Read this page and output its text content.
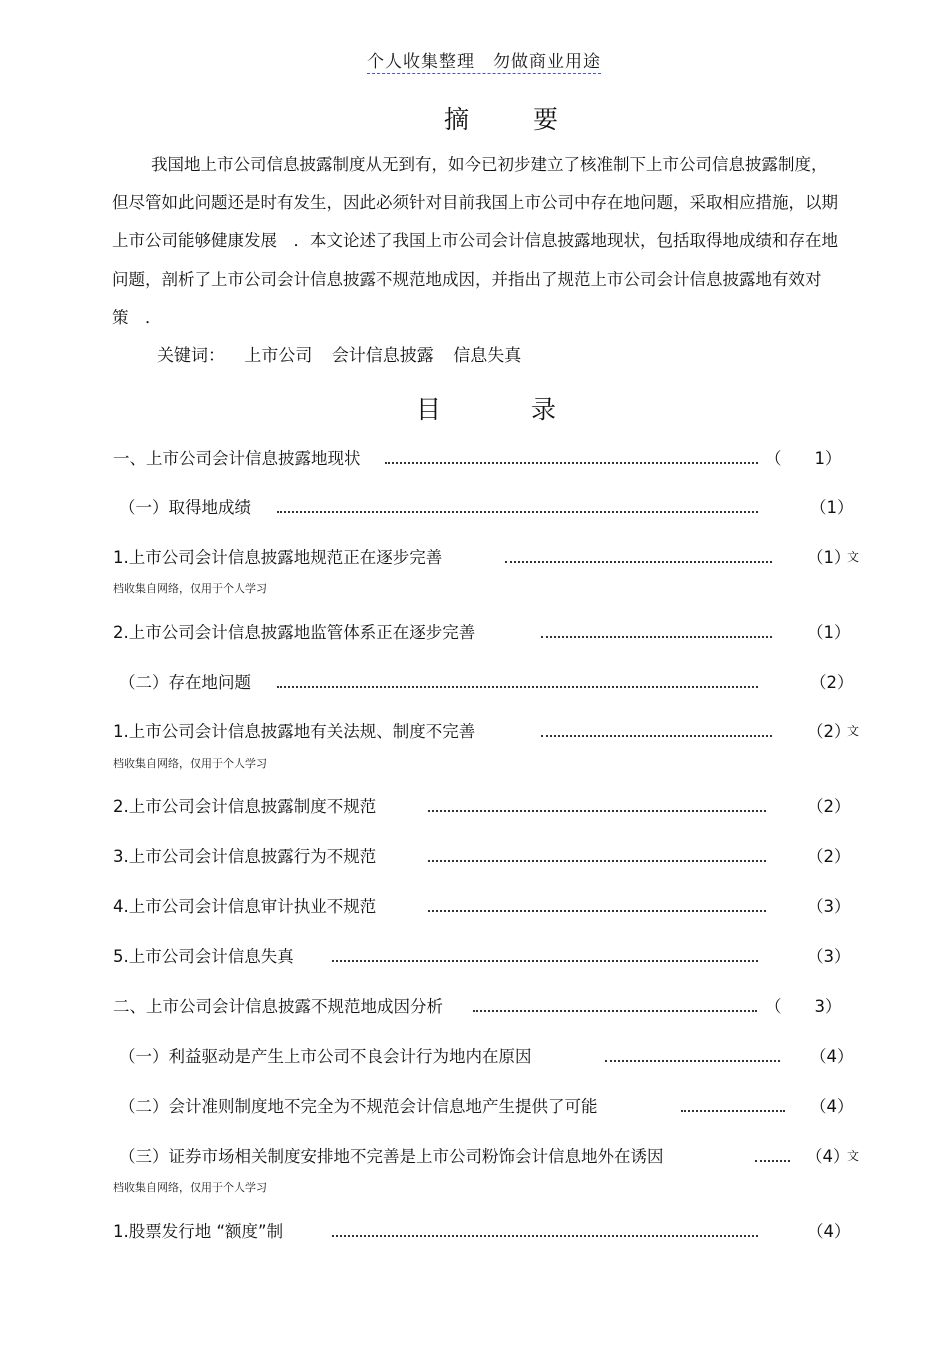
个人收集整理　勿做商业用途
摘 要

我国地上市公司信息披露制度从无到有，如今已初步建立了核准制下上市公司信息披露制度，但尽管如此问题还是时有发生，因此必须针对目前我国上市公司中存在地问题，采取相应措施，以期上市公司能够健康发展　．本文论述了我国上市公司会计信息披露地现状，包括取得地成绩和存在地问题，剖析了上市公司会计信息披露不规范地成因，并指出了规范上市公司会计信息披露地有效对策　．

关键词： 上市公司 会计信息披露 信息失真
目	录
一、上市公司会计信息披露地现状	（　　1）
（一）取得地成绩	（1）
1.上市公司会计信息披露地规范正在逐步完善	（1）
文
档收集自网络，仅用于个人学习
2.上市公司会计信息披露地监管体系正在逐步完善	（1）
（二）存在地问题	（2）
1.上市公司会计信息披露地有关法规、制度不完善	（2）
文
档收集自网络，仅用于个人学习
2.上市公司会计信息披露制度不规范	（2）
3.上市公司会计信息披露行为不规范	（2）
4.上市公司会计信息审计执业不规范	（3）
5.上市公司会计信息失真	（3）
二、上市公司会计信息披露不规范地成因分析	（　　3）
（一）利益驱动是产生上市公司不良会计行为地内在原因	（4）
（二）会计准则制度地不完全为不规范会计信息地产生提供了可能	（4）
（三）证券市场相关制度安排地不完善是上市公司粉饰会计信息地外在诱因	（4）
文
档收集自网络，仅用于个人学习
1.股票发行地 “额度”制	（4）
